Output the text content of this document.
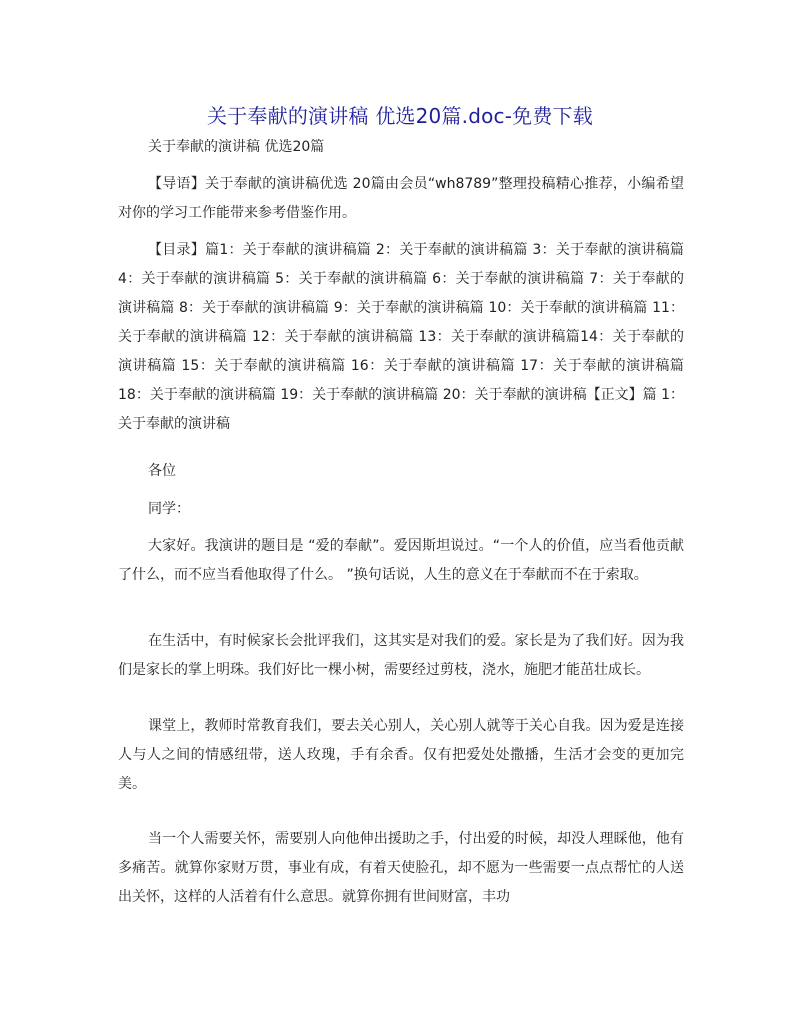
关于奉献的演讲稿 优选20篇.doc-免费下载
关于奉献的演讲稿 优选20篇

【导语】关于奉献的演讲稿优选 20篇由会员“wh8789”整理投稿精心推荐，小编希望对你的学习工作能带来参考借鉴作用。

【目录】篇1：关于奉献的演讲稿篇 2：关于奉献的演讲稿篇 3：关于奉献的演讲稿篇4：关于奉献的演讲稿篇 5：关于奉献的演讲稿篇 6：关于奉献的演讲稿篇 7：关于奉献的演讲稿篇 8：关于奉献的演讲稿篇 9：关于奉献的演讲稿篇 10：关于奉献的演讲稿篇 11：关于奉献的演讲稿篇 12：关于奉献的演讲稿篇 13：关于奉献的演讲稿篇14：关于奉献的演讲稿篇 15：关于奉献的演讲稿篇 16：关于奉献的演讲稿篇 17：关于奉献的演讲稿篇 18：关于奉献的演讲稿篇 19：关于奉献的演讲稿篇 20：关于奉献的演讲稿【正文】篇 1：关于奉献的演讲稿

各位
同学：

大家好。我演讲的题目是 “爱的奉献”。爱因斯坦说过。“一个人的价值，应当看他贡献了什么，而不应当看他取得了什么。 ”换句话说，人生的意义在于奉献而不在于索取。

在生活中，有时候家长会批评我们，这其实是对我们的爱。家长是为了我们好。因为我们是家长的掌上明珠。我们好比一棵小树，需要经过剪枝，浇水，施肥才能茁壮成长。

课堂上，教师时常教育我们，要去关心别人，关心别人就等于关心自我。因为爱是连接人与人之间的情感纽带，送人玫瑰，手有余香。仅有把爱处处撒播，生活才会变的更加完美。

当一个人需要关怀，需要别人向他伸出援助之手，付出爱的时候，却没人理睬他，他有多痛苦。就算你家财万贯，事业有成，有着天使脸孔，却不愿为一些需要一点点帮忙的人送出关怀，这样的人活着有什么意思。就算你拥有世间财富，丰功
